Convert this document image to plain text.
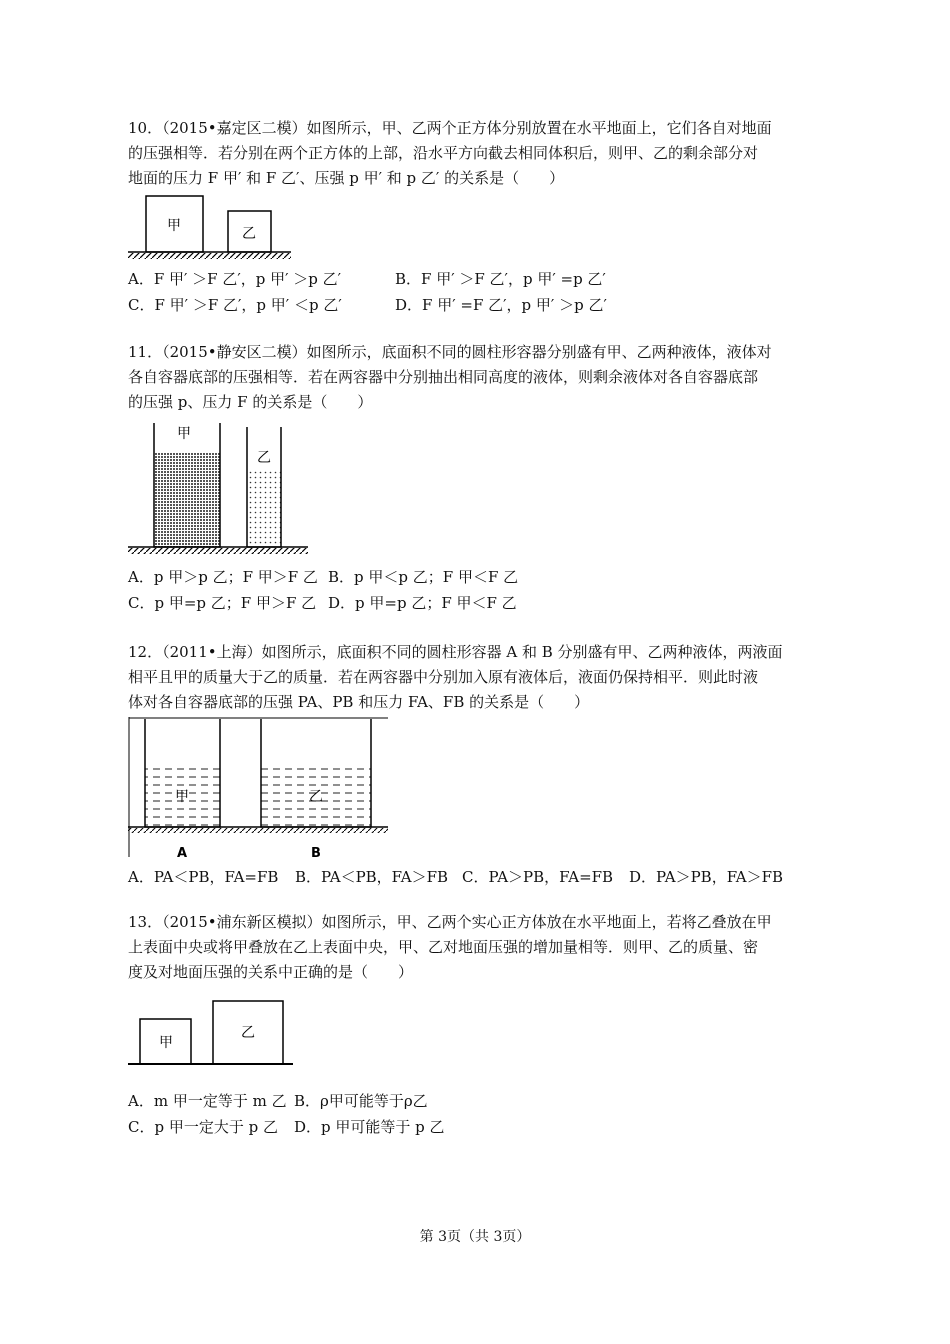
10．（2015•嘉定区二模）如图所示，甲、乙两个正方体分别放置在水平地面上，它们各自对地面

的压强相等．若分别在两个正方体的上部，沿水平方向截去相同体积后，则甲、乙的剩余部分对

地面的压力 F 甲′ 和 F 乙′、压强 p 甲′ 和 p 乙′ 的关系是（　　）

甲	乙
A．F 甲′ ＞F 乙′，p 甲′ ＞p 乙′	B．F 甲′ ＞F 乙′，p 甲′ =p 乙′
C．F 甲′ ＞F 乙′，p 甲′ ＜p 乙′	D．F 甲′ =F 乙′，p 甲′ ＞p 乙′

11．（2015•静安区二模）如图所示，底面积不同的圆柱形容器分别盛有甲、乙两种液体，液体对

各自容器底部的压强相等．若在两容器中分别抽出相同高度的液体，则剩余液体对各自容器底部

的压强 p、压力 F 的关系是（　　）

甲
乙
A．p 甲＞p 乙；F 甲＞F 乙 B．p 甲＜p 乙；F 甲＜F 乙
C．p 甲=p 乙；F 甲＞F 乙 D．p 甲=p 乙；F 甲＜F 乙

12．（2011•上海）如图所示，底面积不同的圆柱形容器 A 和 B 分别盛有甲、乙两种液体，两液面

相平且甲的质量大于乙的质量．若在两容器中分别加入原有液体后，液面仍保持相平．则此时液

体对各自容器底部的压强 PA、PB 和压力 FA、FB 的关系是（　　）

甲	乙
A	B
A．PA＜PB，FA=FB B．PA＜PB，FA＞FB C．PA＞PB，FA=FB D．PA＞PB，FA＞FB

13．（2015•浦东新区模拟）如图所示，甲、乙两个实心正方体放在水平地面上，若将乙叠放在甲

上表面中央或将甲叠放在乙上表面中央，甲、乙对地面压强的增加量相等．则甲、乙的质量、密

度及对地面压强的关系中正确的是（　　）

甲
乙
A．m 甲一定等于 m 乙 B．ρ甲可能等于ρ乙
C．p 甲一定大于 p 乙 D．p 甲可能等于 p 乙
第 3页（共 3页）
